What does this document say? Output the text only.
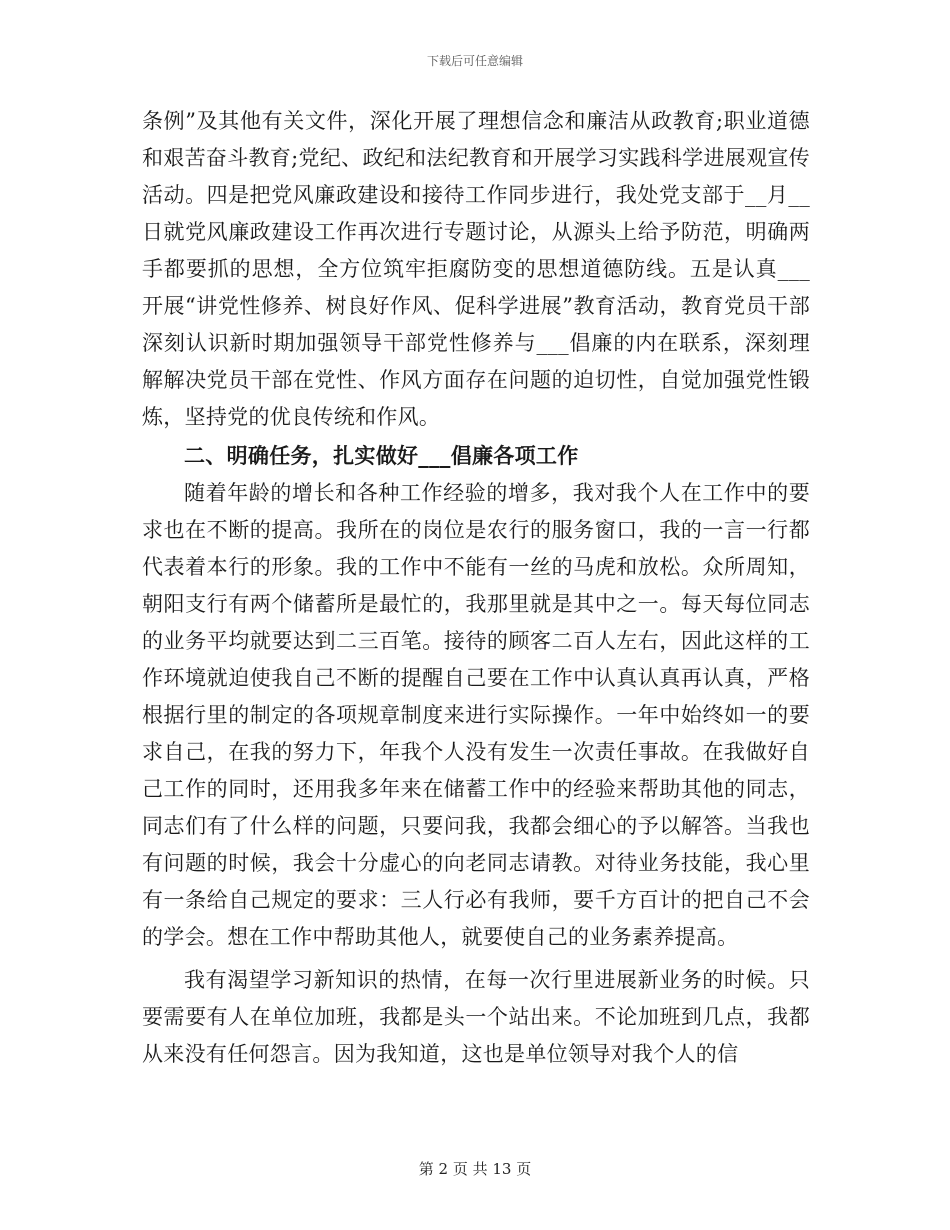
下载后可任意编辑

条例”及其他有关文件，深化开展了理想信念和廉洁从政教育;职业道德和艰苦奋斗教育;党纪、政纪和法纪教育和开展学习实践科学进展观宣传活动。四是把党风廉政建设和接待工作同步进行，我处党支部于__月__日就党风廉政建设工作再次进行专题讨论，从源头上给予防范，明确两手都要抓的思想，全方位筑牢拒腐防变的思想道德防线。五是认真___开展“讲党性修养、树良好作风、促科学进展”教育活动，教育党员干部深刻认识新时期加强领导干部党性修养与___倡廉的内在联系，深刻理解解决党员干部在党性、作风方面存在问题的迫切性，自觉加强党性锻炼，坚持党的优良传统和作风。

二、明确任务，扎实做好___倡廉各项工作

随着年龄的增长和各种工作经验的增多，我对我个人在工作中的要求也在不断的提高。我所在的岗位是农行的服务窗口，我的一言一行都代表着本行的形象。我的工作中不能有一丝的马虎和放松。众所周知，朝阳支行有两个储蓄所是最忙的，我那里就是其中之一。每天每位同志的业务平均就要达到二三百笔。接待的顾客二百人左右，因此这样的工作环境就迫使我自己不断的提醒自己要在工作中认真认真再认真，严格根据行里的制定的各项规章制度来进行实际操作。一年中始终如一的要求自己，在我的努力下，年我个人没有发生一次责任事故。在我做好自己工作的同时，还用我多年来在储蓄工作中的经验来帮助其他的同志，同志们有了什么样的问题，只要问我，我都会细心的予以解答。当我也有问题的时候，我会十分虚心的向老同志请教。对待业务技能，我心里有一条给自己规定的要求：三人行必有我师，要千方百计的把自己不会的学会。想在工作中帮助其他人，就要使自己的业务素养提高。

我有渴望学习新知识的热情，在每一次行里进展新业务的时候。只要需要有人在单位加班，我都是头一个站出来。不论加班到几点，我都从来没有任何怨言。因为我知道，这也是单位领导对我个人的信

第 2 页 共 13 页
